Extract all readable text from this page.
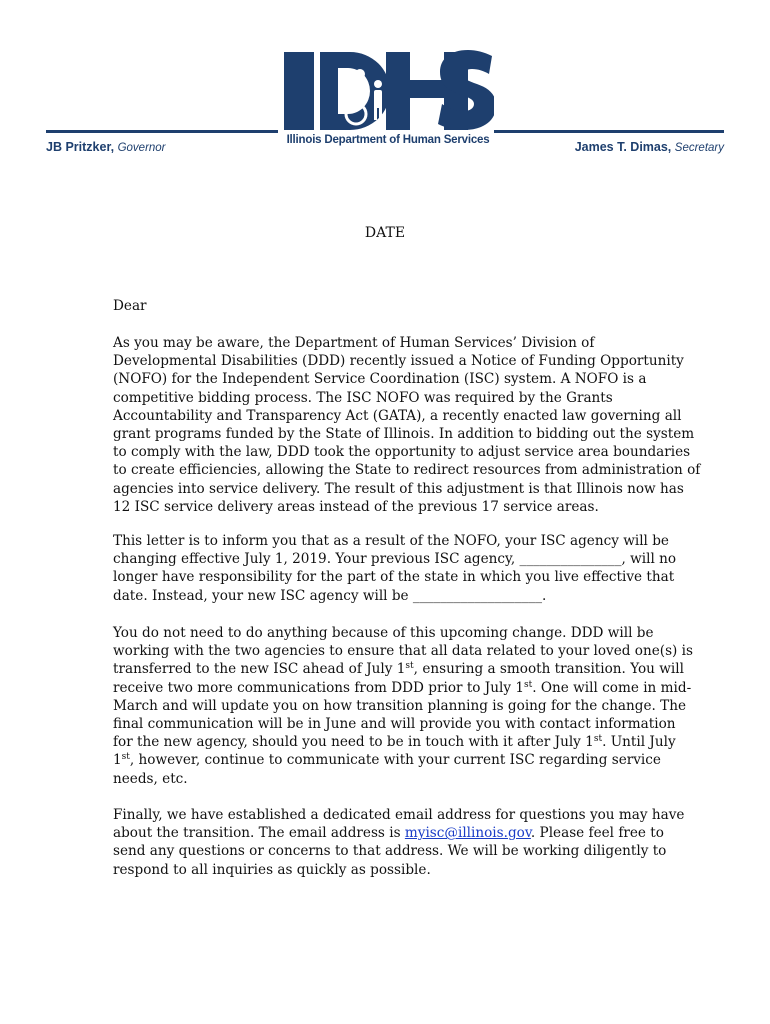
Illinois Department of Human Services
JB Pritzker, Governor	James T. Dimas, Secretary
DATE
Dear
As you may be aware, the Department of Human Services’ Division of
Developmental Disabilities (DDD) recently issued a Notice of Funding Opportunity
(NOFO) for the Independent Service Coordination (ISC) system. A NOFO is a
competitive bidding process. The ISC NOFO was required by the Grants
Accountability and Transparency Act (GATA), a recently enacted law governing all
grant programs funded by the State of Illinois. In addition to bidding out the system
to comply with the law, DDD took the opportunity to adjust service area boundaries
to create efficiencies, allowing the State to redirect resources from administration of
agencies into service delivery. The result of this adjustment is that Illinois now has
12 ISC service delivery areas instead of the previous 17 service areas.
This letter is to inform you that as a result of the NOFO, your ISC agency will be
changing effective July 1, 2019. Your previous ISC agency, _______________, will no
longer have responsibility for the part of the state in which you live effective that
date. Instead, your new ISC agency will be ___________________.
You do not need to do anything because of this upcoming change. DDD will be
working with the two agencies to ensure that all data related to your loved one(s) is
transferred to the new ISC ahead of July 1st, ensuring a smooth transition. You will
receive two more communications from DDD prior to July 1st. One will come in mid-
March and will update you on how transition planning is going for the change. The
final communication will be in June and will provide you with contact information
for the new agency, should you need to be in touch with it after July 1st. Until July
1st, however, continue to communicate with your current ISC regarding service
needs, etc.
Finally, we have established a dedicated email address for questions you may have
about the transition. The email address is myisc@illinois.gov. Please feel free to
send any questions or concerns to that address. We will be working diligently to
respond to all inquiries as quickly as possible.
